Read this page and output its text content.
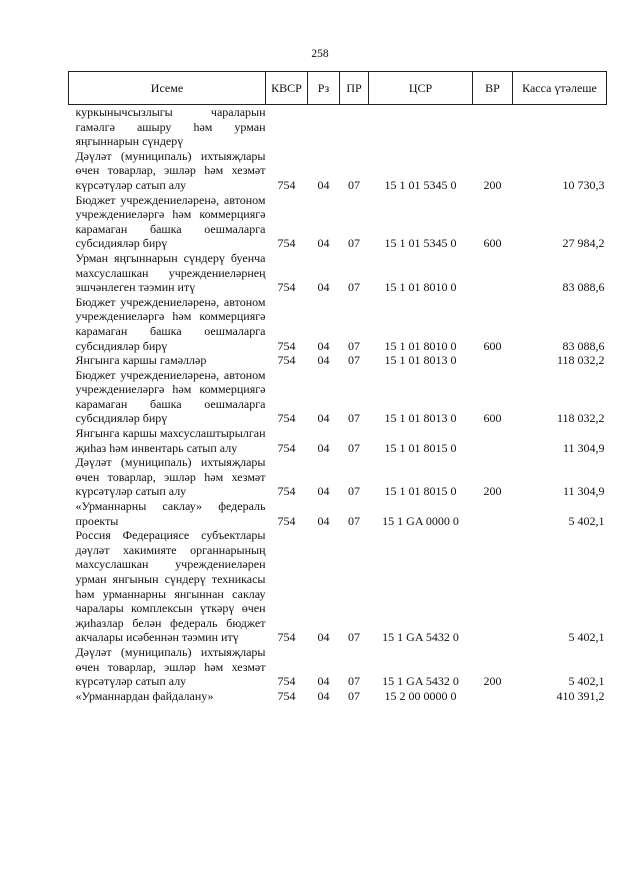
258
Исеме	КВСР	Рз	ПР	ЦСР	ВР	Касса үтәлеше
куркынычсызлыгы чараларын гамәлгә ашыру һәм урман яңгыннарын сүндерү						
Дәүләт (муниципаль) ихтыяҗлары өчен товарлар, эшләр һәм хезмәт күрсәтүләр сатып алу	754	04	07	15 1 01 5345 0	200	10 730,3
Бюджет учреждениеләренә, автоном учреждениеләргә һәм коммерциягә карамаган башка оешмаларга субсидияләр бирү	754	04	07	15 1 01 5345 0	600	27 984,2
Урман яңгыннарын сүндерү буенча махсуслашкан учреждениеләрнең эшчәнлеген тәэмин итү	754	04	07	15 1 01 8010 0		83 088,6
Бюджет учреждениеләренә, автоном учреждениеләргә һәм коммерциягә карамаган башка оешмаларга субсидияләр бирү	754	04	07	15 1 01 8010 0	600	83 088,6
Янгынга каршы гамәлләр	754	04	07	15 1 01 8013 0		118 032,2
Бюджет учреждениеләренә, автоном учреждениеләргә һәм коммерциягә карамаган башка оешмаларга субсидияләр бирү	754	04	07	15 1 01 8013 0	600	118 032,2
Янгынга каршы махсуслаштырылган җиһаз һәм инвентарь сатып алу	754	04	07	15 1 01 8015 0		11 304,9
Дәүләт (муниципаль) ихтыяҗлары өчен товарлар, эшләр һәм хезмәт күрсәтүләр сатып алу	754	04	07	15 1 01 8015 0	200	11 304,9
«Урманнарны саклау» федераль проекты	754	04	07	15 1 GA 0000 0		5 402,1
Россия Федерациясе субъектлары дәүләт хакимияте органнарының махсуслашкан учреждениеләрен урман янгынын сүндерү техникасы һәм урманнарны янгыннан саклау чаралары комплексын үткәрү өчен җиһазлар белән федераль бюджет акчалары исәбеннән тәэмин итү	754	04	07	15 1 GA 5432 0		5 402,1
Дәүләт (муниципаль) ихтыяҗлары өчен товарлар, эшләр һәм хезмәт күрсәтүләр сатып алу	754	04	07	15 1 GA 5432 0	200	5 402,1
«Урманнардан файдалану»	754	04	07	15 2 00 0000 0		410 391,2
